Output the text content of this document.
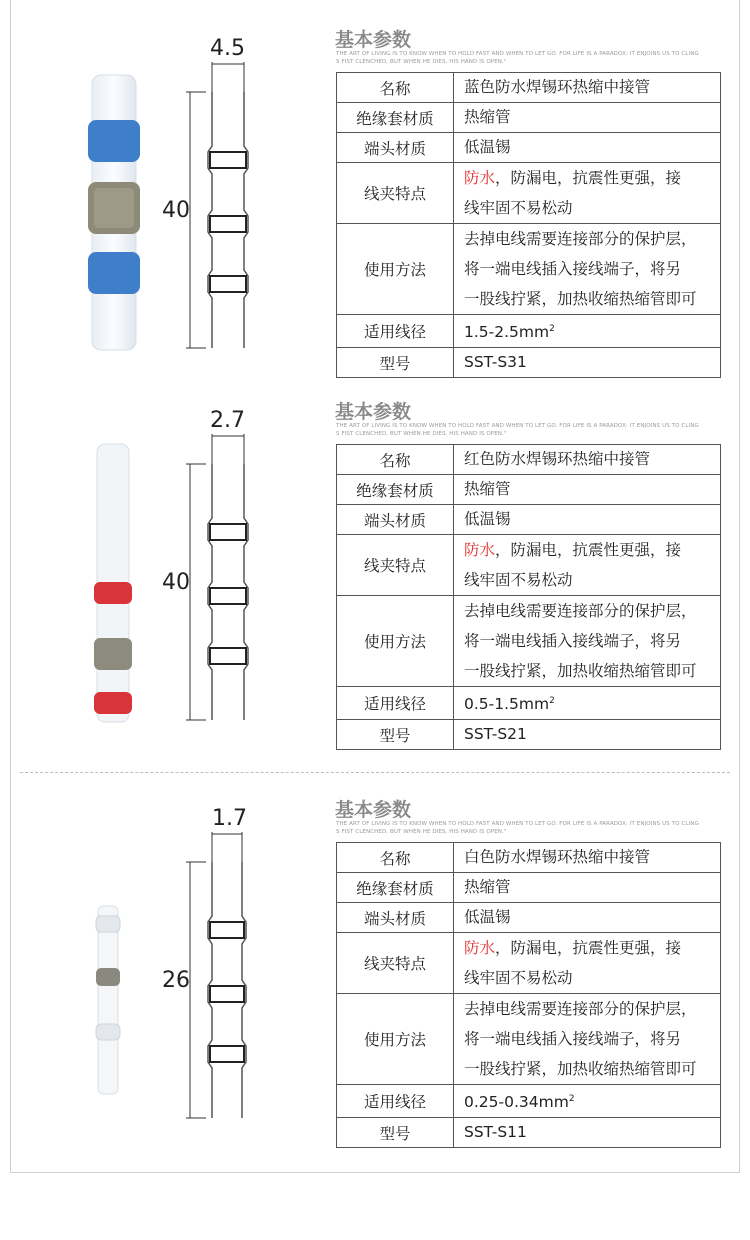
4.5
40
基本参数
THE ART OF LIVING IS TO KNOW WHEN TO HOLD FAST AND WHEN TO LET GO. FOR LIFE IS A PARADOX: IT ENJOINS US TO CLING
S FIST CLENCHED, BUT WHEN HE DIES, HIS HAND IS OPEN."
名称	蓝色防水焊锡环热缩中接管
绝缘套材质	热缩管
端头材质	低温锡
线夹特点	防水，防漏电，抗震性更强，接
线牢固不易松动
使用方法	去掉电线需要连接部分的保护层，
将一端电线插入接线端子，将另
一股线拧紧，加热收缩热缩管即可
适用线径	$1.5-2.5mm^2$
型号	SST-S31
2.7
40
基本参数
THE ART OF LIVING IS TO KNOW WHEN TO HOLD FAST AND WHEN TO LET GO. FOR LIFE IS A PARADOX: IT ENJOINS US TO CLING
S FIST CLENCHED, BUT WHEN HE DIES, HIS HAND IS OPEN."
名称	红色防水焊锡环热缩中接管
绝缘套材质	热缩管
端头材质	低温锡
线夹特点	防水，防漏电，抗震性更强，接
线牢固不易松动
使用方法	去掉电线需要连接部分的保护层，
将一端电线插入接线端子，将另
一股线拧紧，加热收缩热缩管即可
适用线径	$0.5-1.5mm^2$
型号	SST-S21
1.7
26
基本参数
THE ART OF LIVING IS TO KNOW WHEN TO HOLD FAST AND WHEN TO LET GO. FOR LIFE IS A PARADOX: IT ENJOINS US TO CLING
S FIST CLENCHED, BUT WHEN HE DIES, HIS HAND IS OPEN."
名称	白色防水焊锡环热缩中接管
绝缘套材质	热缩管
端头材质	低温锡
线夹特点	防水，防漏电，抗震性更强，接
线牢固不易松动
使用方法	去掉电线需要连接部分的保护层，
将一端电线插入接线端子，将另
一股线拧紧，加热收缩热缩管即可
适用线径	$0.25-0.34mm^2$
型号	SST-S11
